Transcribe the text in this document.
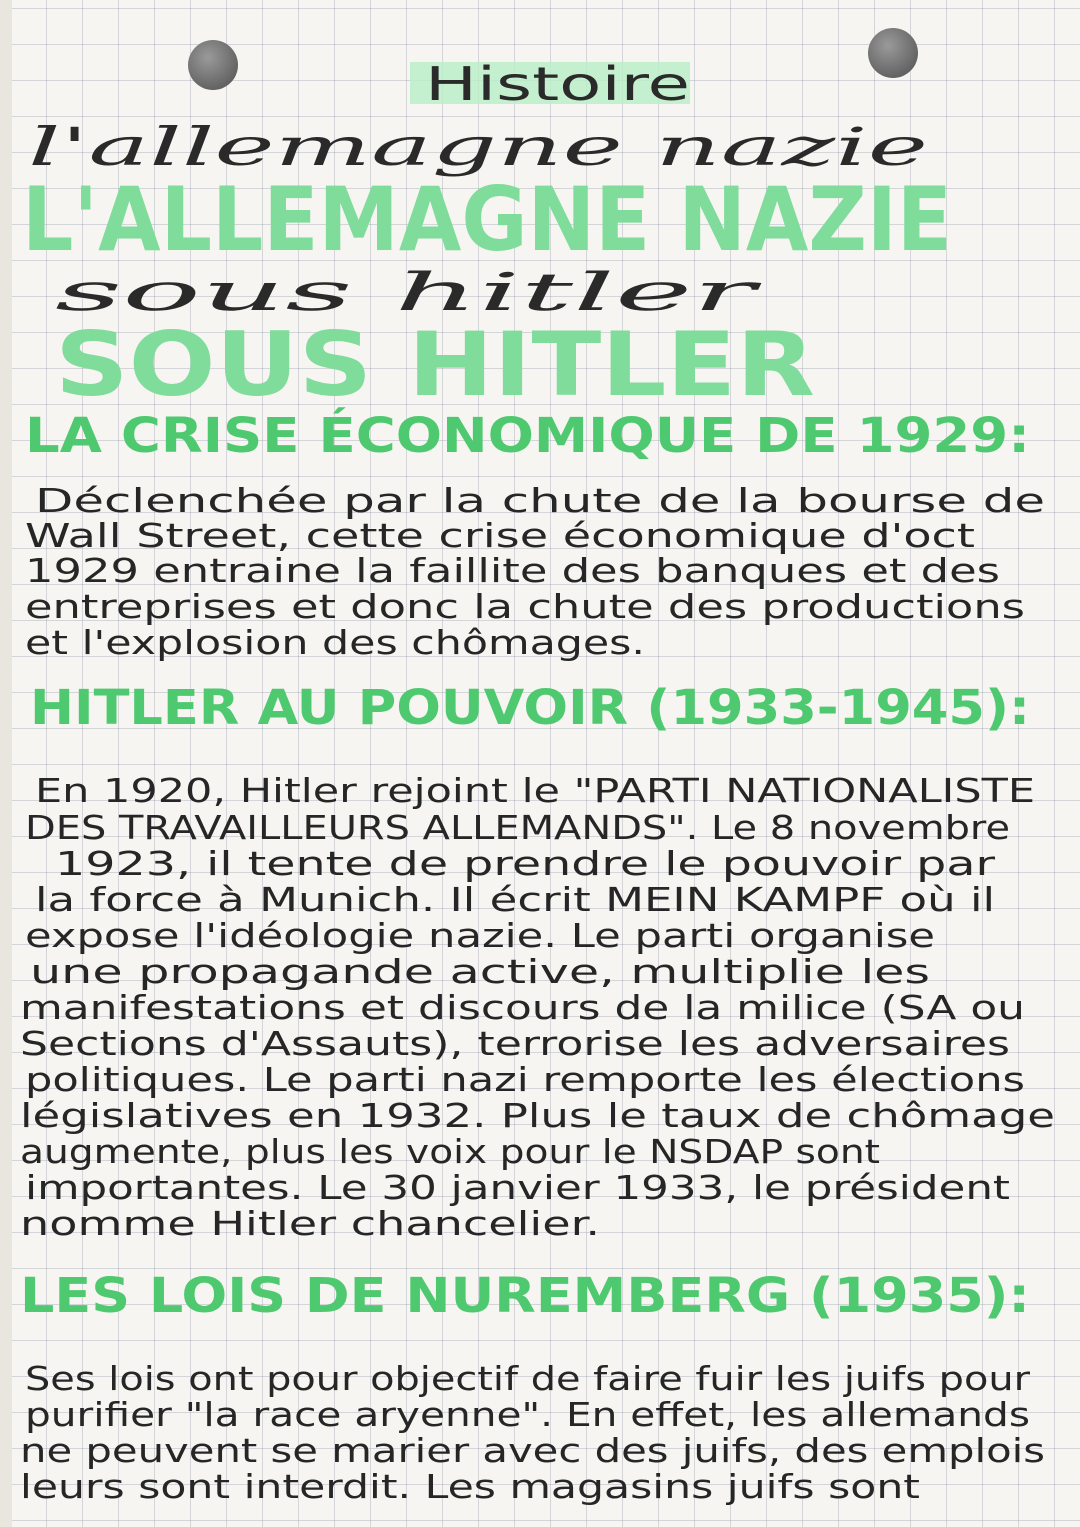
Histoire
l'allemagne nazie
L'ALLEMAGNE NAZIE
sous hitler
SOUS HITLER
LA CRISE ÉCONOMIQUE DE 1929:
Déclenchée par la chute de la bourse de
Wall Street, cette crise économique d'oct
1929 entraine la faillite des banques et des
entreprises et donc la chute des productions
et l'explosion des chômages.
HITLER AU POUVOIR (1933-1945):
En 1920, Hitler rejoint le "PARTI NATIONALISTE
DES TRAVAILLEURS ALLEMANDS". Le 8 novembre
1923, il tente de prendre le pouvoir par
la force à Munich. Il écrit MEIN KAMPF où il
expose l'idéologie nazie. Le parti organise
une propagande active, multiplie les
manifestations et discours de la milice (SA ou
Sections d'Assauts), terrorise les adversaires
politiques. Le parti nazi remporte les élections
législatives en 1932. Plus le taux de chômage
augmente, plus les voix pour le NSDAP sont
importantes. Le 30 janvier 1933, le président
nomme Hitler chancelier.
LES LOIS DE NUREMBERG (1935):
Ses lois ont pour objectif de faire fuir les juifs pour
purifier "la race aryenne". En effet, les allemands
ne peuvent se marier avec des juifs, des emplois
leurs sont interdit. Les magasins juifs sont
